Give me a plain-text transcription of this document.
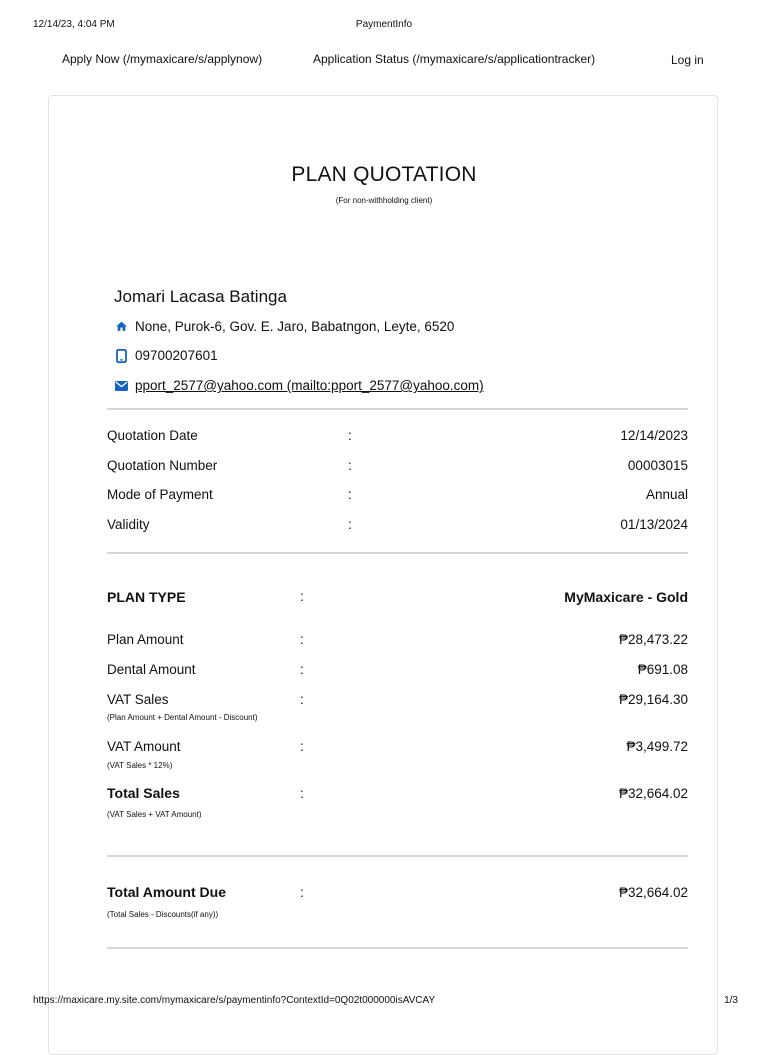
12/14/23, 4:04 PM	PaymentInfo
Apply Now (/mymaxicare/s/applynow)	Application Status (/mymaxicare/s/applicationtracker)	Log in
PLAN QUOTATION
(For non-withholding client)
Jomari Lacasa Batinga
None, Purok-6, Gov. E. Jaro, Babatngon, Leyte, 6520
09700207601
pport_2577@yahoo.com (mailto:pport_2577@yahoo.com)
Quotation Date	:	12/14/2023
Quotation Number	:	00003015
Mode of Payment	:	Annual
Validity	:	01/13/2024
PLAN TYPE	:	MyMaxicare - Gold
Plan Amount	:	₱28,473.22
Dental Amount	:	₱691.08
VAT Sales	:	₱29,164.30
(Plan Amount + Dental Amount - Discount)
VAT Amount	:	₱3,499.72
(VAT Sales * 12%)
Total Sales	:	₱32,664.02
(VAT Sales + VAT Amount)
Total Amount Due	:	₱32,664.02
(Total Sales - Discounts(if any))
https://maxicare.my.site.com/mymaxicare/s/paymentinfo?ContextId=0Q02t000000isAVCAY	1/3
